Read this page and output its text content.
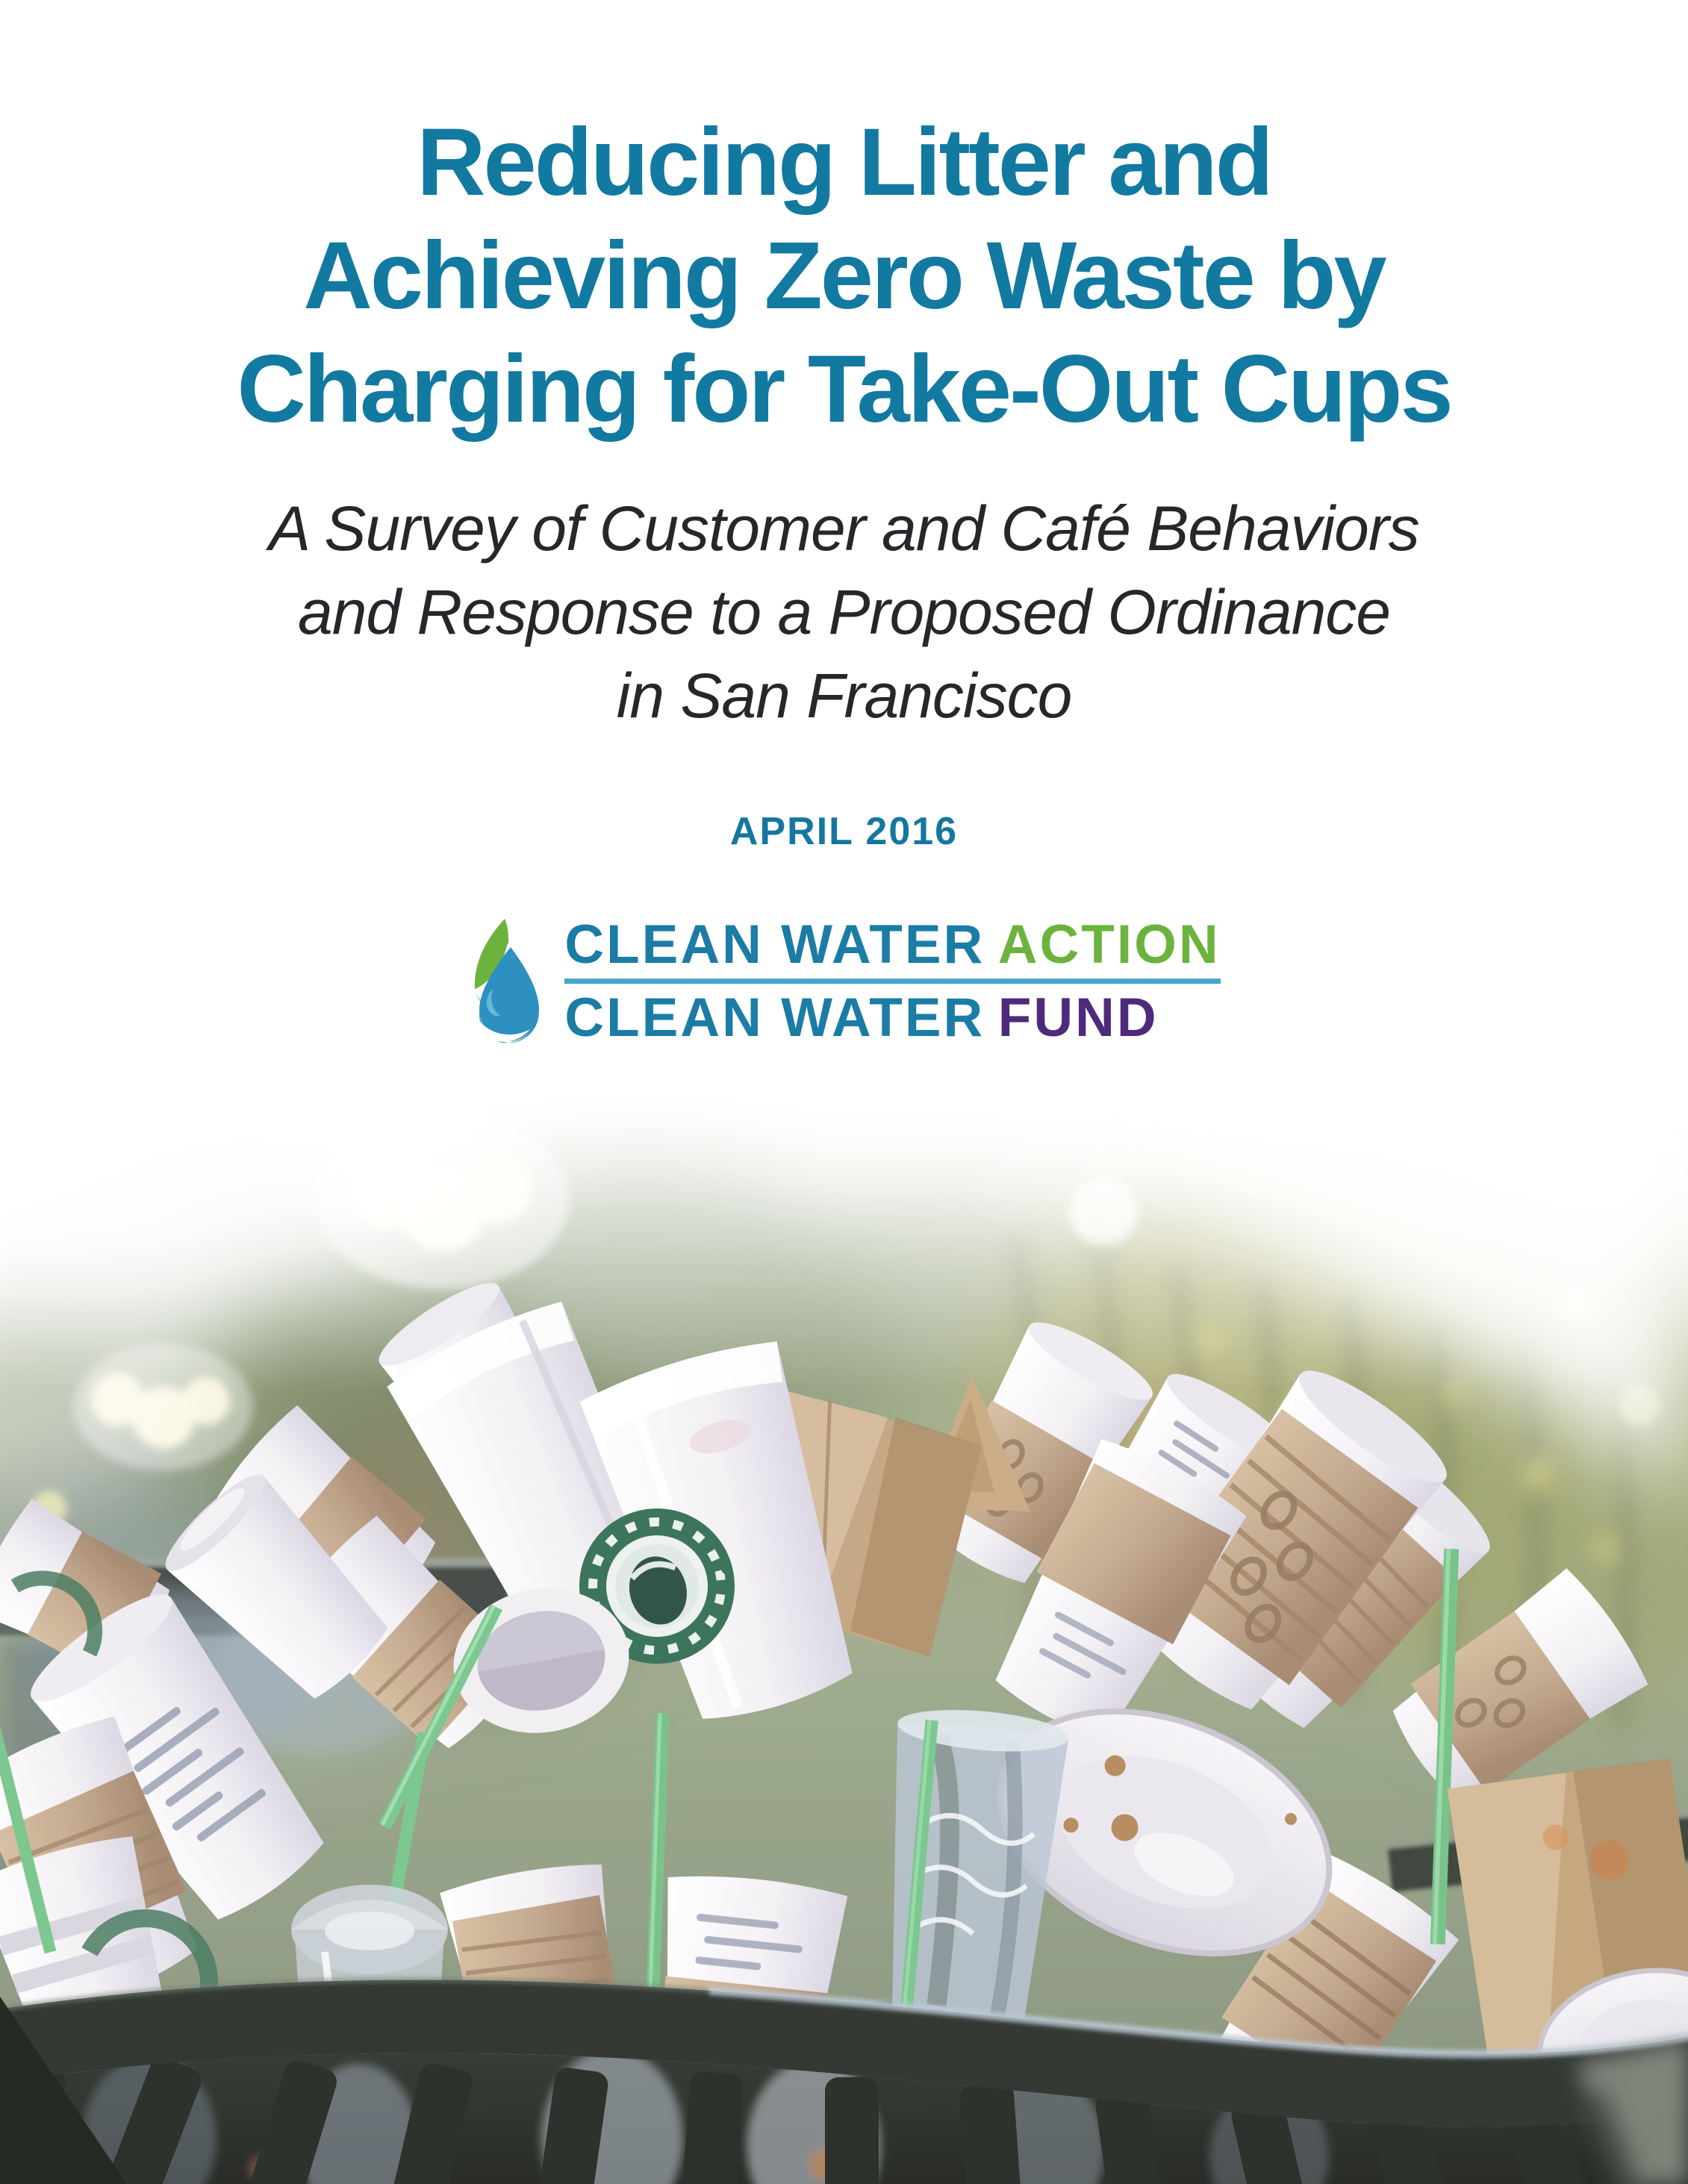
Reducing Litter and
Achieving Zero Waste by
Charging for Take-Out Cups
A Survey of Customer and Café Behaviors
and Response to a Proposed Ordinance
in San Francisco
APRIL 2016
CLEAN WATER ACTION
CLEAN WATER FUND
